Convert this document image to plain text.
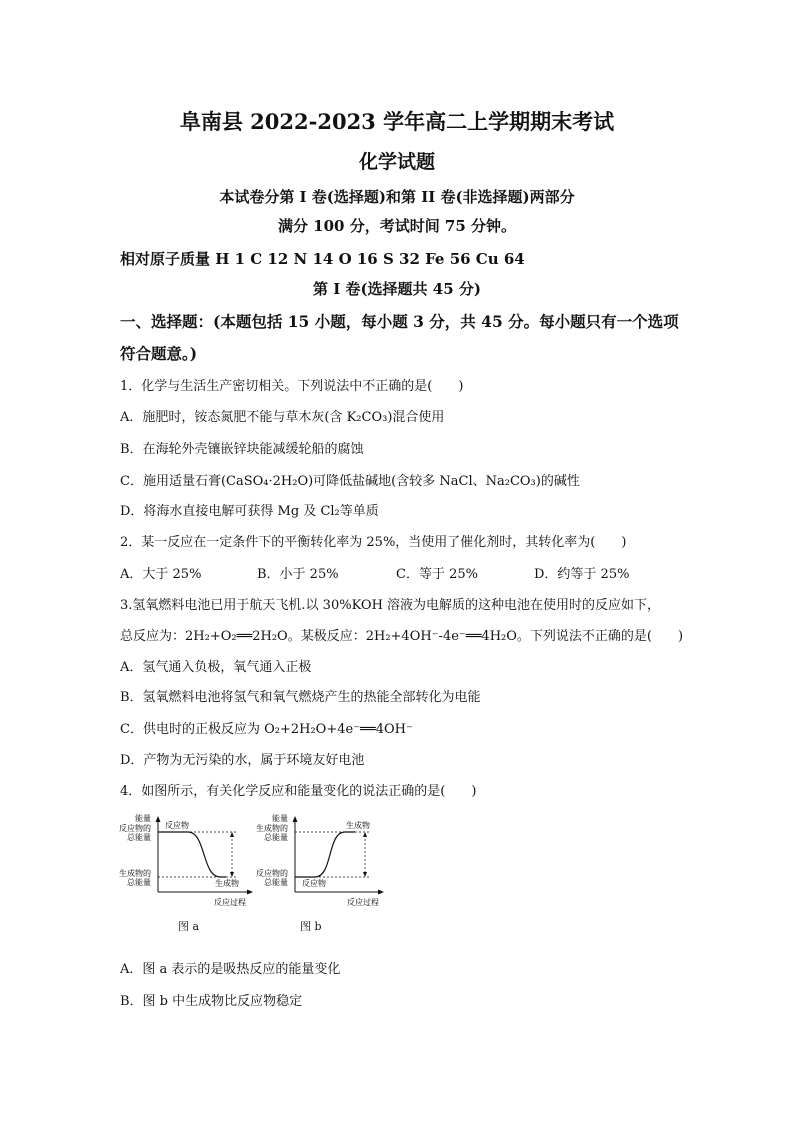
阜南县 2022-2023 学年高二上学期期末考试
化学试题
本试卷分第 I 卷(选择题)和第 II 卷(非选择题)两部分
满分 100 分，考试时间 75 分钟。
相对原子质量 H 1 C 12 N 14 O 16 S 32 Fe 56 Cu 64
第 I 卷(选择题共 45 分)
一、选择题：(本题包括 15 小题，每小题 3 分，共 45 分。每小题只有一个选项
符合题意。)
1．化学与生活生产密切相关。下列说法中不正确的是(　　)
A．施肥时，铵态氮肥不能与草木灰(含 K₂CO₃)混合使用
B．在海轮外壳镶嵌锌块能减缓轮船的腐蚀
C．施用适量石膏(CaSO₄·2H₂O)可降低盐碱地(含较多 NaCl、Na₂CO₃)的碱性
D．将海水直接电解可获得 Mg 及 Cl₂等单质
2．某一反应在一定条件下的平衡转化率为 25%，当使用了催化剂时，其转化率为(　　)
A．大于 25%	B．小于 25%	C．等于 25%	D．约等于 25%
3.氢氧燃料电池已用于航天飞机.以 30%KOH 溶液为电解质的这种电池在使用时的反应如下，
总反应为：2H₂+O₂══2H₂O。某极反应：2H₂+4OH⁻-4e⁻══4H₂O。下列说法不正确的是(　　)
A．氢气通入负极，氧气通入正极
B．氢氧燃料电池将氢气和氧气燃烧产生的热能全部转化为电能
C．供电时的正极反应为 O₂+2H₂O+4e⁻══4OH⁻
D．产物为无污染的水，属于环境友好电池
4．如图所示，有关化学反应和能量变化的说法正确的是(　　)
能量
反应物的
总能量
生成物的
总能量
反应物
生成物
反应过程
图 a
能量
生成物的
总能量
反应物的
总能量
生成物
反应物
反应过程
图 b
A．图 a 表示的是吸热反应的能量变化
B．图 b 中生成物比反应物稳定
